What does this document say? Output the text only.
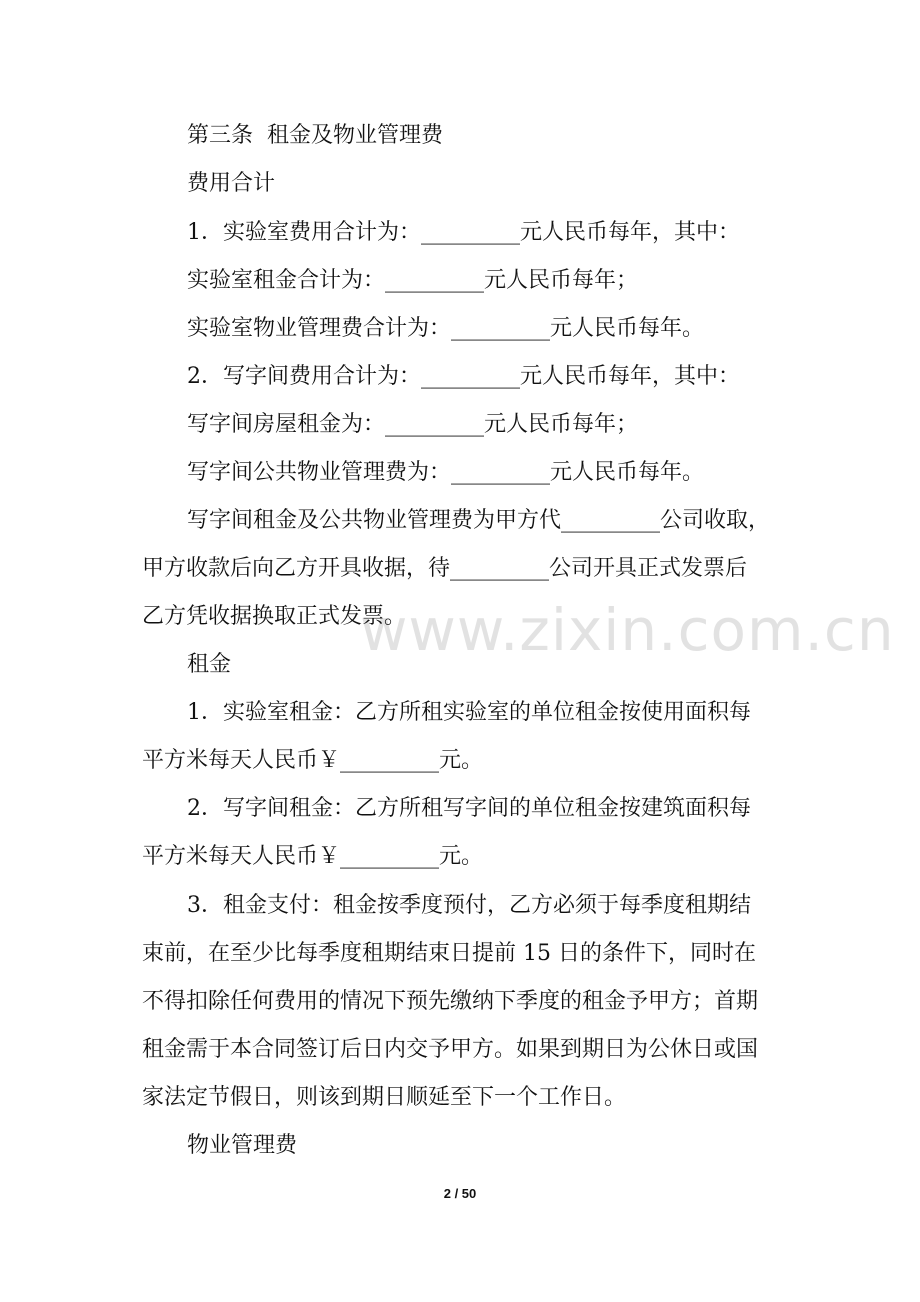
www.zixin.com.cn
第三条  租金及物业管理费
费用合计
1．实验室费用合计为：_________元人民币每年，其中：
实验室租金合计为：_________元人民币每年；
实验室物业管理费合计为：_________元人民币每年。
2．写字间费用合计为：_________元人民币每年，其中：
写字间房屋租金为：_________元人民币每年；
写字间公共物业管理费为：_________元人民币每年。
写字间租金及公共物业管理费为甲方代_________公司收取，
甲方收款后向乙方开具收据，待_________公司开具正式发票后
乙方凭收据换取正式发票。
租金
1．实验室租金：乙方所租实验室的单位租金按使用面积每
平方米每天人民币￥_________元。
2．写字间租金：乙方所租写字间的单位租金按建筑面积每
平方米每天人民币￥_________元。
3．租金支付：租金按季度预付，乙方必须于每季度租期结
束前，在至少比每季度租期结束日提前 15 日的条件下，同时在
不得扣除任何费用的情况下预先缴纳下季度的租金予甲方；首期
租金需于本合同签订后日内交予甲方。如果到期日为公休日或国
家法定节假日，则该到期日顺延至下一个工作日。
物业管理费
2 / 50
